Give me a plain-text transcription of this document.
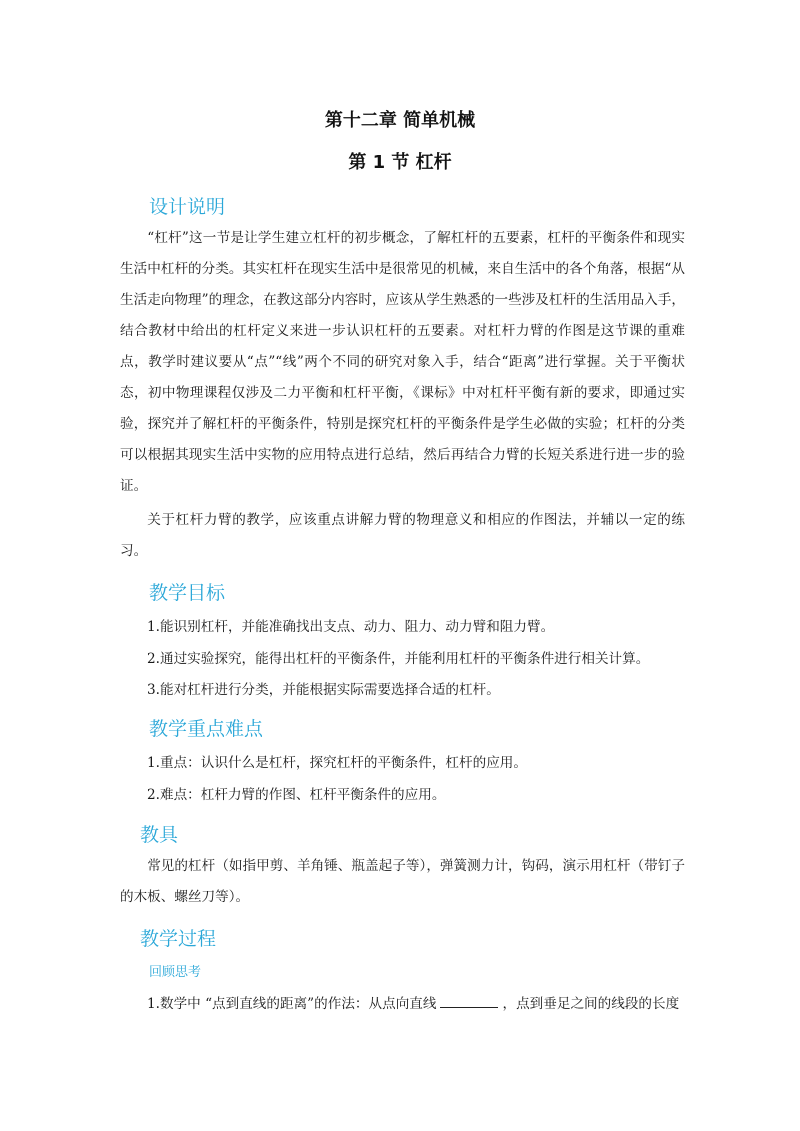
第十二章 简单机械
第 1 节 杠杆
设计说明

“杠杆”这一节是让学生建立杠杆的初步概念，了解杠杆的五要素，杠杆的平衡条件和现实生活中杠杆的分类。其实杠杆在现实生活中是很常见的机械，来自生活中的各个角落，根据“从生活走向物理”的理念，在教这部分内容时，应该从学生熟悉的一些涉及杠杆的生活用品入手，结合教材中给出的杠杆定义来进一步认识杠杆的五要素。对杠杆力臂的作图是这节课的重难点，教学时建议要从“点”“线”两个不同的研究对象入手，结合“距离”进行掌握。关于平衡状态，初中物理课程仅涉及二力平衡和杠杆平衡，《课标》中对杠杆平衡有新的要求，即通过实验，探究并了解杠杆的平衡条件，特别是探究杠杆的平衡条件是学生必做的实验；杠杆的分类可以根据其现实生活中实物的应用特点进行总结，然后再结合力臂的长短关系进行进一步的验证。

关于杠杆力臂的教学，应该重点讲解力臂的物理意义和相应的作图法，并辅以一定的练习。

教学目标

1.能识别杠杆，并能准确找出支点、动力、阻力、动力臂和阻力臂。

2.通过实验探究，能得出杠杆的平衡条件，并能利用杠杆的平衡条件进行相关计算。

3.能对杠杆进行分类，并能根据实际需要选择合适的杠杆。

教学重点难点

1.重点：认识什么是杠杆，探究杠杆的平衡条件，杠杆的应用。

2.难点：杠杆力臂的作图、杠杆平衡条件的应用。

教具

常见的杠杆（如指甲剪、羊角锤、瓶盖起子等），弹簧测力计，钩码，演示用杠杆（带钉子的木板、螺丝刀等）。

教学过程
回顾思考
1.数学中 “点到直线的距离”的作法：从点向直线	，点到垂足之间的线段的长度
